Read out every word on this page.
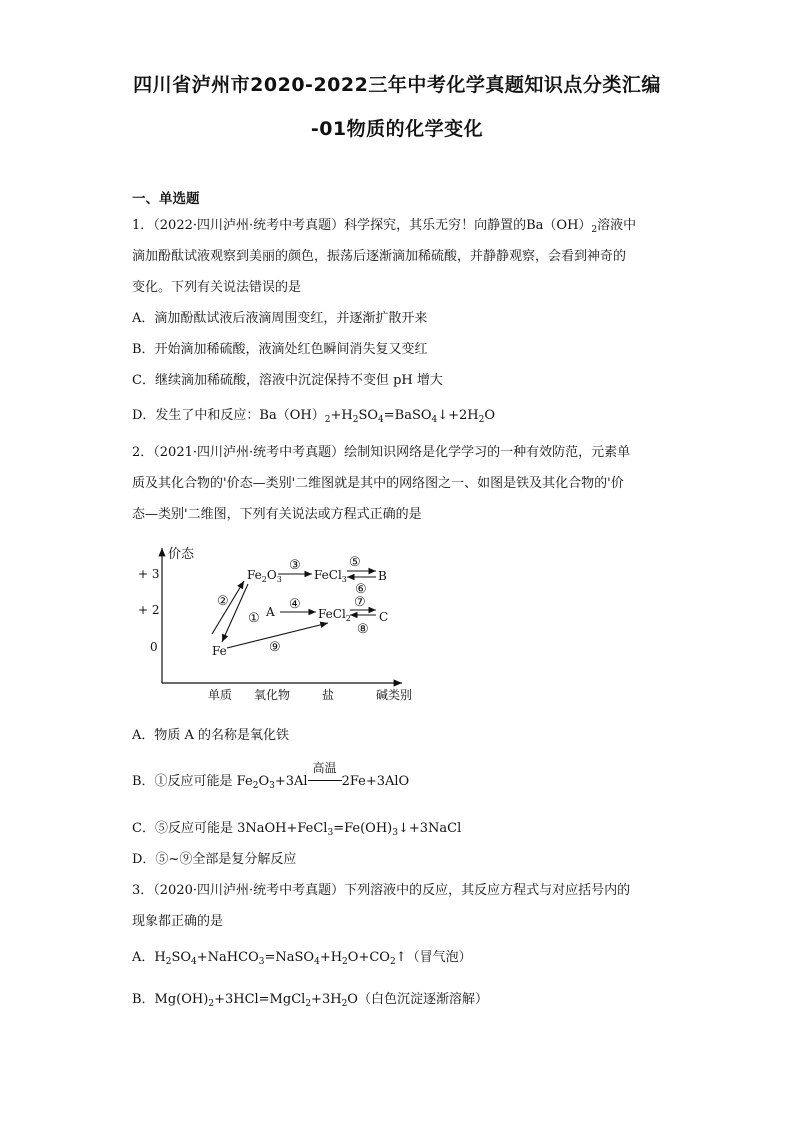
四川省泸州市2020-2022三年中考化学真题知识点分类汇编
-01物质的化学变化
一、单选题
1．（2022·四川泸州·统考中考真题）科学探究，其乐无穷！向静置的$Ba(OH)_2$溶液中
滴加酚酞试液观察到美丽的颜色，振荡后逐渐滴加稀硫酸，并静静观察，会看到神奇的
变化。下列有关说法错误的是
A．滴加酚酞试液后液滴周围变红，并逐渐扩散开来
B．开始滴加稀硫酸，液滴处红色瞬间消失复又变红
C．继续滴加稀硫酸，溶液中沉淀保持不变但 pH 增大
D．发生了中和反应：$Ba(OH)_2+H_2SO_4=BaSO_4↓+2H_2O$
2．（2021·四川泸州·统考中考真题）绘制知识网络是化学学习的一种有效防范，元素单
质及其化合物的'价态—类别'二维图就是其中的网络图之一、如图是铁及其化合物的'价
态—类别'二维图，下列有关说法或方程式正确的是
价态
+ 3
+ 2
0
单质 氧化物	盐	碱类别
$Fe_2O_3$	FeCl$_3$	B
A	FeCl$_2$ C
Fe
①
②
③
④
⑤
⑥
⑦
⑧
⑨
A．物质 A 的名称是氧化铁
B．①反应可能是 $Fe_2O_3+3Al$
高温
2Fe+3AlO
C．⑤反应可能是 $3NaOH+FeCl_3=Fe(OH)_3↓+3NaCl$
D．⑤~⑨全部是复分解反应
3．（2020·四川泸州·统考中考真题）下列溶液中的反应，其反应方程式与对应括号内的
现象都正确的是
A．$H_2SO_4+NaHCO_3=NaSO_4+H_2O+CO_2↑$（冒气泡）
B．$Mg(OH)_2+3HCl=MgCl_2+3H_2O$（白色沉淀逐渐溶解）
